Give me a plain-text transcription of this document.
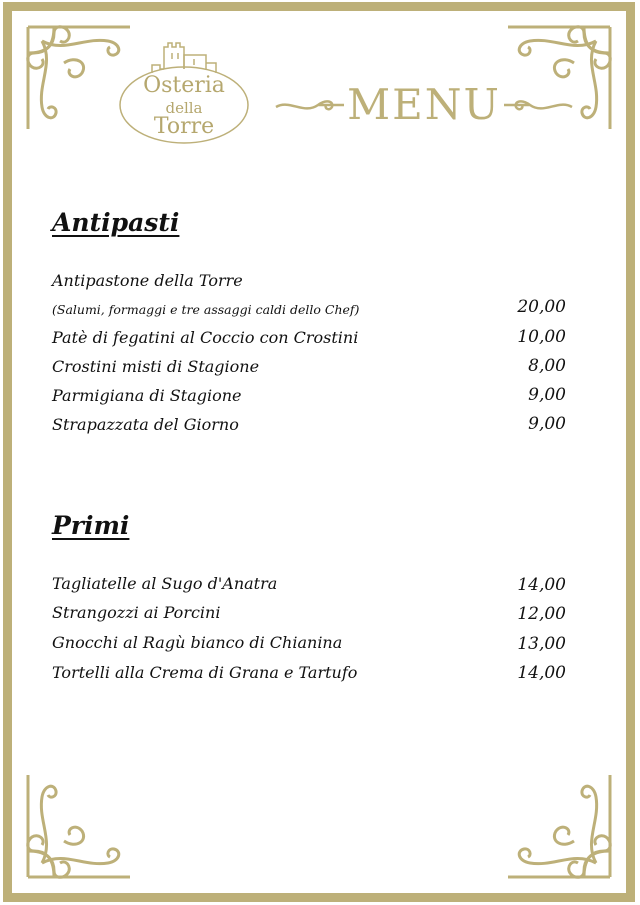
Osteria
della
Torre	MENU
Antipasti
Antipastone della Torre
(Salumi, formaggi e tre assaggi caldi dello Chef)	20,00
Patè di fegatini al Coccio con Crostini	10,00
Crostini misti di Stagione	8,00
Parmigiana di Stagione	9,00
Strapazzata del Giorno	9,00
Primi
Tagliatelle al Sugo d'Anatra	14,00
Strangozzi ai Porcini	12,00
Gnocchi al Ragù bianco di Chianina	13,00
Tortelli alla Crema di Grana e Tartufo	14,00
